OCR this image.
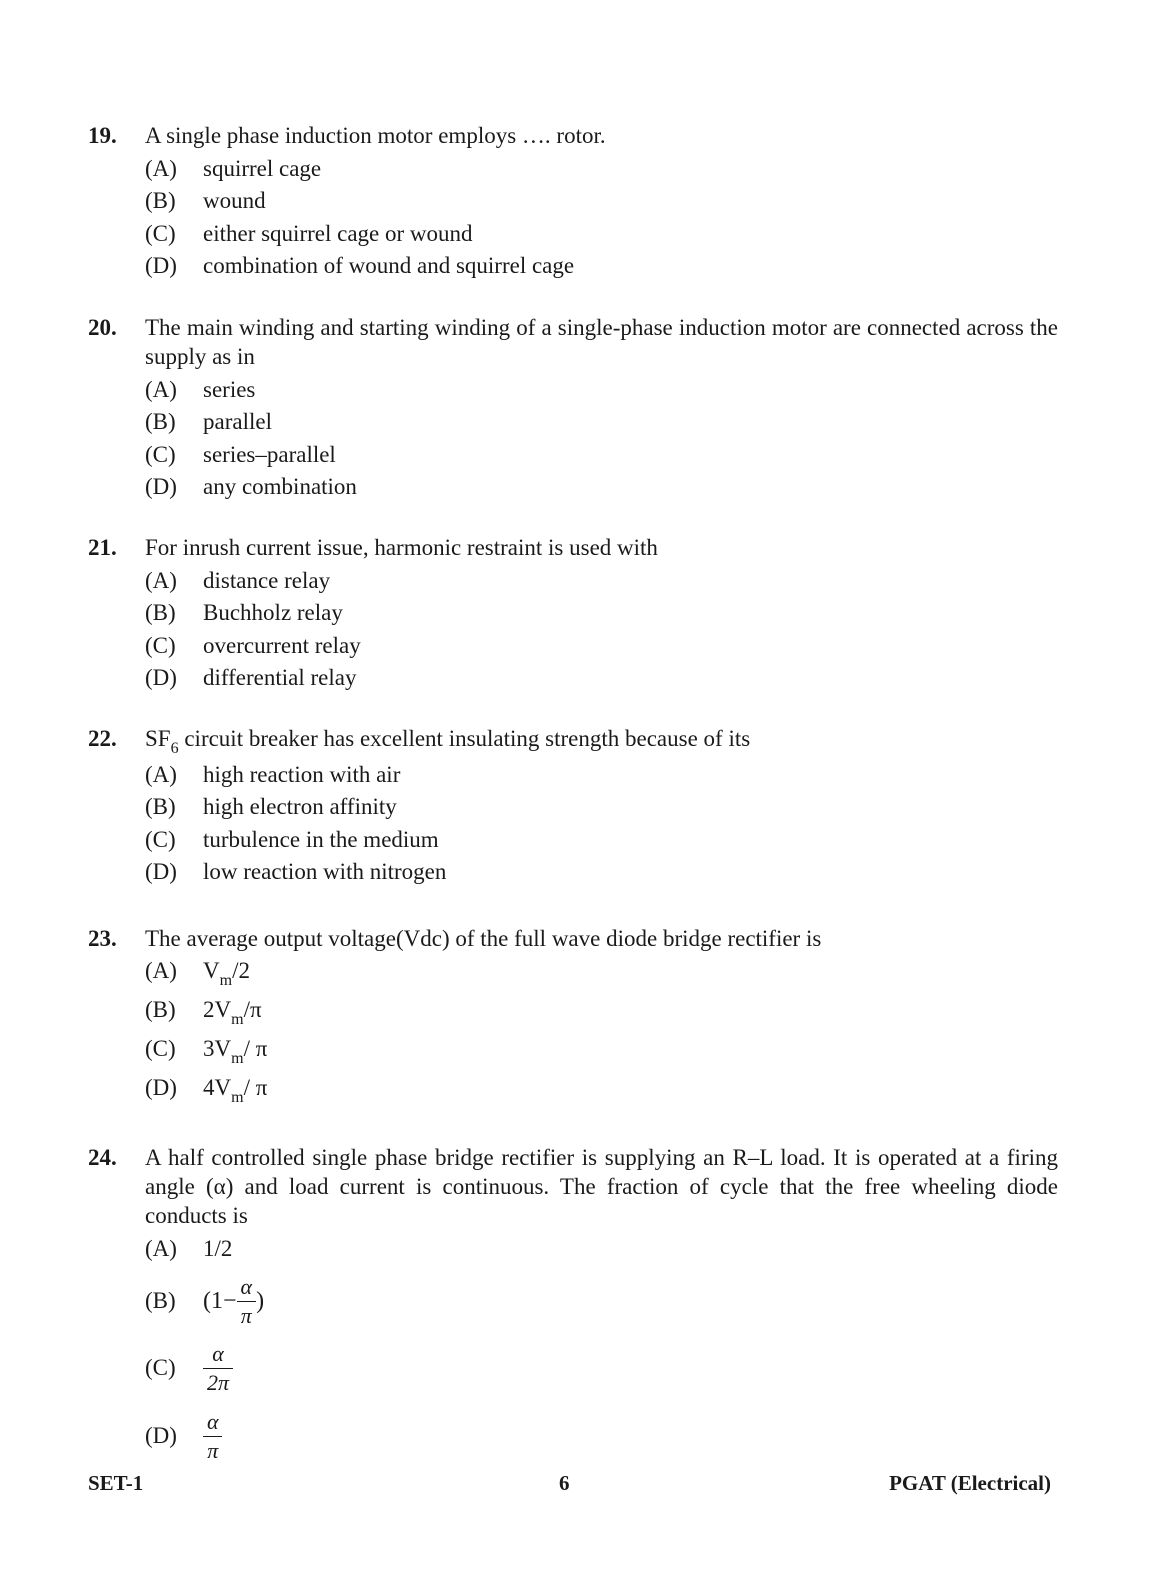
19. A single phase induction motor employs …. rotor.
(A)	squirrel cage
(B)	wound
(C)	either squirrel cage or wound
(D)	combination of wound and squirrel cage
20. The main winding and starting winding of a single-phase induction motor are connected across the supply as in
(A)	series
(B)	parallel
(C)	series–parallel
(D)	any combination
21. For inrush current issue, harmonic restraint is used with
(A)	distance relay
(B)	Buchholz relay
(C)	overcurrent relay
(D)	differential relay
22. $SF_6$ circuit breaker has excellent insulating strength because of its
(A)	high reaction with air
(B)	high electron affinity
(C)	turbulence in the medium
(D)	low reaction with nitrogen
23. The average output voltage(Vdc) of the full wave diode bridge rectifier is
(A)	$V_m/2$
(B)	$2V_m/\pi$
(C)	$3V_m/$ π
(D)	$4V_m/$ π
24. A half controlled single phase bridge rectifier is supplying an R–L load. It is operated at a firing angle (α) and load current is continuous. The fraction of cycle that the free wheeling diode conducts is
(A)	1/2
(B)	($1- \frac{\alpha}{\pi}$ )
(C)	$\frac{\alpha}{2\pi}$
(D)	$\frac{\alpha}{\pi}$
SET-1	6	PGAT (Electrical)
